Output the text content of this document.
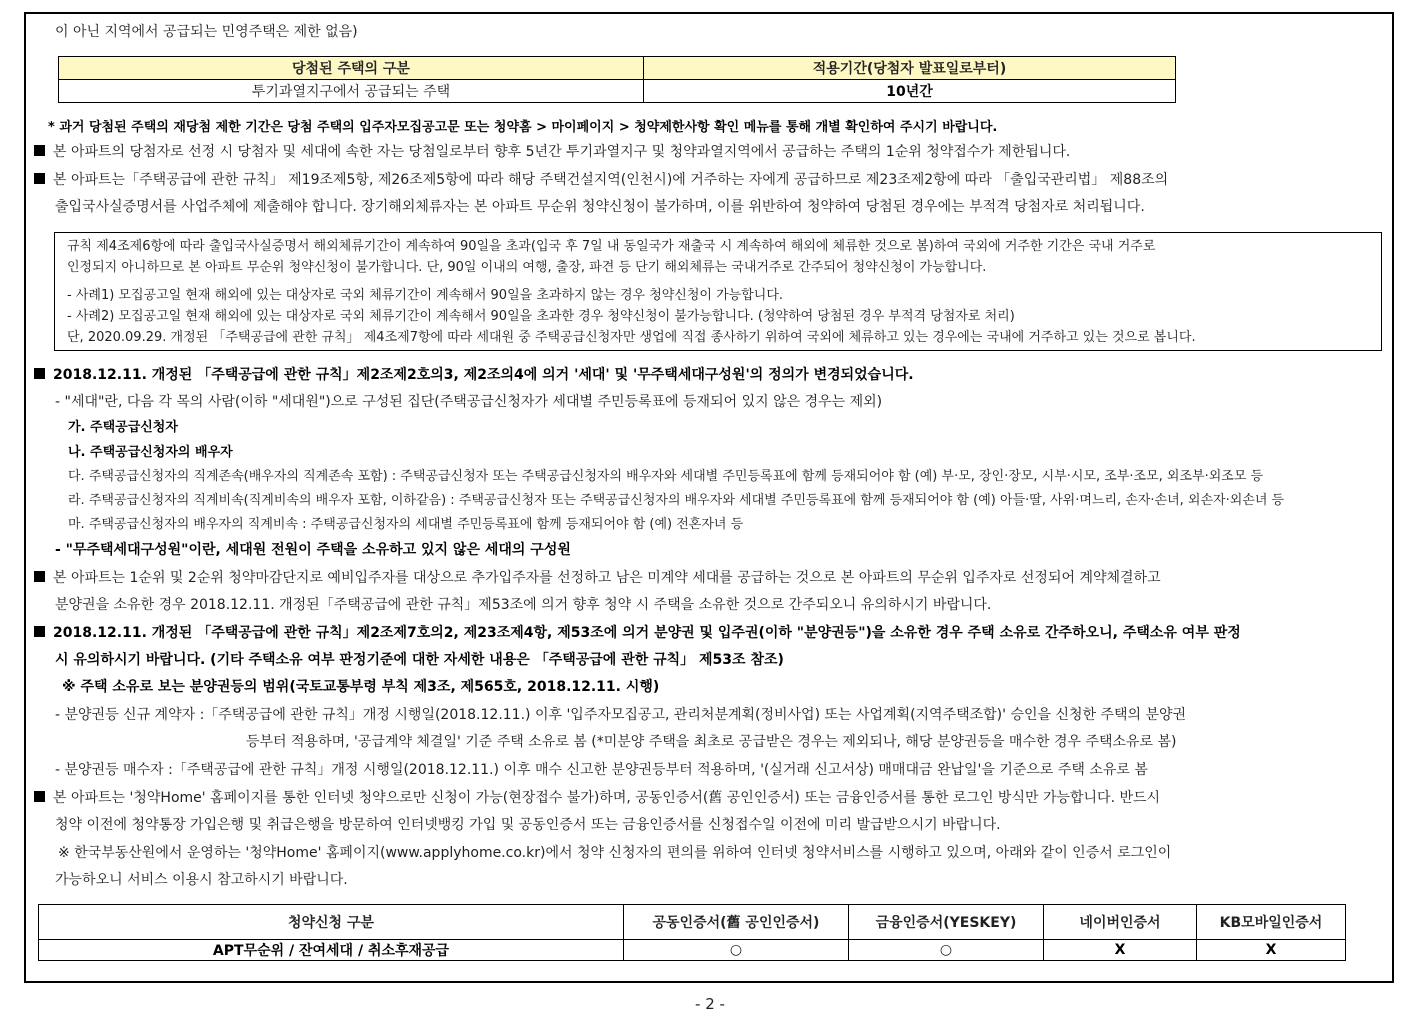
이 아닌 지역에서 공급되는 민영주택은 제한 없음)
당첨된 주택의 구분	적용기간(당첨자 발표일로부터)
투기과열지구에서 공급되는 주택	10년간
* 과거 당첨된 주택의 재당첨 제한 기간은 당첨 주택의 입주자모집공고문 또는 청약홈 > 마이페이지 > 청약제한사항 확인 메뉴를 통해 개별 확인하여 주시기 바랍니다.
본 아파트의 당첨자로 선정 시 당첨자 및 세대에 속한 자는 당첨일로부터 향후 5년간 투기과열지구 및 청약과열지역에서 공급하는 주택의 1순위 청약접수가 제한됩니다.
본 아파트는「주택공급에 관한 규칙」 제19조제5항, 제26조제5항에 따라 해당 주택건설지역(인천시)에 거주하는 자에게 공급하므로 제23조제2항에 따라 「출입국관리법」 제88조의
출입국사실증명서를 사업주체에 제출해야 합니다. 장기해외체류자는 본 아파트 무순위 청약신청이 불가하며, 이를 위반하여 청약하여 당첨된 경우에는 부적격 당첨자로 처리됩니다.
규칙 제4조제6항에 따라 출입국사실증명서 해외체류기간이 계속하여 90일을 초과(입국 후 7일 내 동일국가 재출국 시 계속하여 해외에 체류한 것으로 봄)하여 국외에 거주한 기간은 국내 거주로
인정되지 아니하므로 본 아파트 무순위 청약신청이 불가합니다. 단, 90일 이내의 여행, 출장, 파견 등 단기 해외체류는 국내거주로 간주되어 청약신청이 가능합니다.
- 사례1) 모집공고일 현재 해외에 있는 대상자로 국외 체류기간이 계속해서 90일을 초과하지 않는 경우 청약신청이 가능합니다.
- 사례2) 모집공고일 현재 해외에 있는 대상자로 국외 체류기간이 계속해서 90일을 초과한 경우 청약신청이 불가능합니다. (청약하여 당첨된 경우 부적격 당첨자로 처리)
단, 2020.09.29. 개정된 「주택공급에 관한 규칙」 제4조제7항에 따라 세대원 중 주택공급신청자만 생업에 직접 종사하기 위하여 국외에 체류하고 있는 경우에는 국내에 거주하고 있는 것으로 봅니다.
2018.12.11. 개정된 「주택공급에 관한 규칙」제2조제2호의3, 제2조의4에 의거 '세대' 및 '무주택세대구성원'의 정의가 변경되었습니다.
- "세대"란, 다음 각 목의 사람(이하 "세대원")으로 구성된 집단(주택공급신청자가 세대별 주민등록표에 등재되어 있지 않은 경우는 제외)
가. 주택공급신청자
나. 주택공급신청자의 배우자
다. 주택공급신청자의 직계존속(배우자의 직계존속 포함) : 주택공급신청자 또는 주택공급신청자의 배우자와 세대별 주민등록표에 함께 등재되어야 함 (예) 부·모, 장인·장모, 시부·시모, 조부·조모, 외조부·외조모 등
라. 주택공급신청자의 직계비속(직계비속의 배우자 포함, 이하같음) : 주택공급신청자 또는 주택공급신청자의 배우자와 세대별 주민등록표에 함께 등재되어야 함 (예) 아들·딸, 사위·며느리, 손자·손녀, 외손자·외손녀 등
마. 주택공급신청자의 배우자의 직계비속 : 주택공급신청자의 세대별 주민등록표에 함께 등재되어야 함 (예) 전혼자녀 등
- "무주택세대구성원"이란, 세대원 전원이 주택을 소유하고 있지 않은 세대의 구성원
본 아파트는 1순위 및 2순위 청약마감단지로 예비입주자를 대상으로 추가입주자를 선정하고 남은 미계약 세대를 공급하는 것으로 본 아파트의 무순위 입주자로 선정되어 계약체결하고
분양권을 소유한 경우 2018.12.11. 개정된「주택공급에 관한 규칙」제53조에 의거 향후 청약 시 주택을 소유한 것으로 간주되오니 유의하시기 바랍니다.
2018.12.11. 개정된 「주택공급에 관한 규칙」제2조제7호의2, 제23조제4항, 제53조에 의거 분양권 및 입주권(이하 "분양권등")을 소유한 경우 주택 소유로 간주하오니, 주택소유 여부 판정
시 유의하시기 바랍니다. (기타 주택소유 여부 판정기준에 대한 자세한 내용은 「주택공급에 관한 규칙」 제53조 참조)
※ 주택 소유로 보는 분양권등의 범위(국토교통부령 부칙 제3조, 제565호, 2018.12.11. 시행)
- 분양권등 신규 계약자 :「주택공급에 관한 규칙」개정 시행일(2018.12.11.) 이후 '입주자모집공고, 관리처분계획(정비사업) 또는 사업계획(지역주택조합)' 승인을 신청한 주택의 분양권
등부터 적용하며, '공급계약 체결일' 기준 주택 소유로 봄 (*미분양 주택을 최초로 공급받은 경우는 제외되나, 해당 분양권등을 매수한 경우 주택소유로 봄)
- 분양권등 매수자 :「주택공급에 관한 규칙」개정 시행일(2018.12.11.) 이후 매수 신고한 분양권등부터 적용하며, '(실거래 신고서상) 매매대금 완납일'을 기준으로 주택 소유로 봄
본 아파트는 '청약Home' 홈페이지를 통한 인터넷 청약으로만 신청이 가능(현장접수 불가)하며, 공동인증서(舊 공인인증서) 또는 금융인증서를 통한 로그인 방식만 가능합니다. 반드시
청약 이전에 청약통장 가입은행 및 취급은행을 방문하여 인터넷뱅킹 가입 및 공동인증서 또는 금융인증서를 신청접수일 이전에 미리 발급받으시기 바랍니다.
※ 한국부동산원에서 운영하는 '청약Home' 홈페이지(www.applyhome.co.kr)에서 청약 신청자의 편의를 위하여 인터넷 청약서비스를 시행하고 있으며, 아래와 같이 인증서 로그인이
가능하오니 서비스 이용시 참고하시기 바랍니다.
청약신청 구분	공동인증서(舊 공인인증서)	금융인증서(YESKEY)	네이버인증서	KB모바일인증서
APT무순위 / 잔여세대 / 취소후재공급	○	○	X	X
- 2 -
